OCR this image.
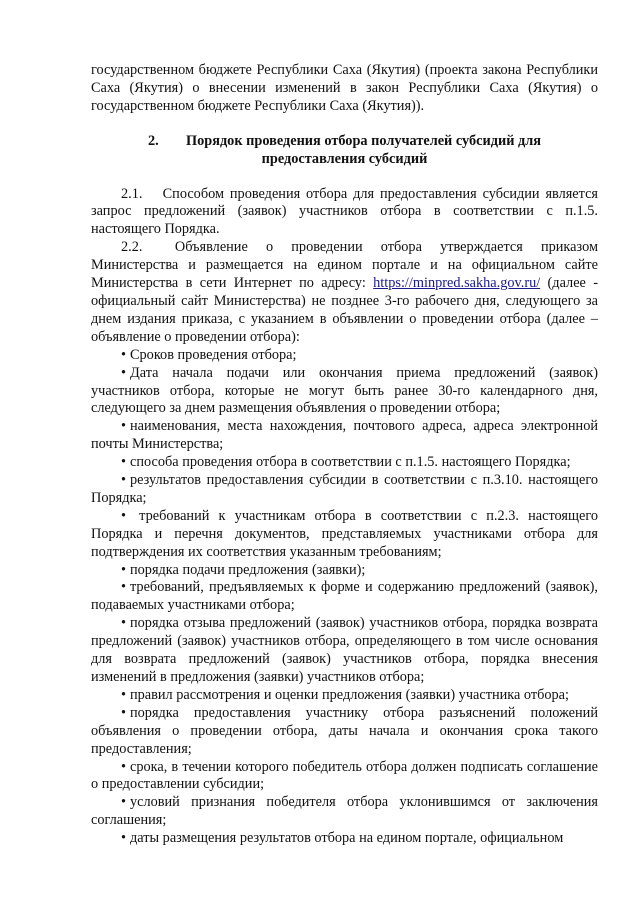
государственном бюджете Республики Саха (Якутия) (проекта закона Республики Саха (Якутия) о внесении изменений в закон Республики Саха (Якутия) о государственном бюджете Республики Саха (Якутия)).

2. Порядок проведения отбора получателей субсидий для предоставления субсидий

2.1.  Способом проведения отбора для предоставления субсидии является запрос предложений (заявок) участников отбора в соответствии с п.1.5. настоящего Порядка.

2.2.  Объявление о проведении отбора утверждается приказом Министерства и размещается на едином портале и на официальном сайте Министерства в сети Интернет по адресу: https://minpred.sakha.gov.ru/ (далее - официальный сайт Министерства) не позднее 3-го рабочего дня, следующего за днем издания приказа, с указанием в объявлении о проведении отбора (далее – объявление о проведении отбора):

• Сроков проведения отбора;

• Дата начала подачи или окончания приема предложений (заявок) участников отбора, которые не могут быть ранее 30-го календарного дня, следующего за днем размещения объявления о проведении отбора;

• наименования, места нахождения, почтового адреса, адреса электронной почты Министерства;

• способа проведения отбора в соответствии с п.1.5. настоящего Порядка;

• результатов предоставления субсидии в соответствии с п.3.10. настоящего Порядка;

• требований к участникам отбора в соответствии с п.2.3. настоящего Порядка и перечня документов, представляемых участниками отбора для подтверждения их соответствия указанным требованиям;

• порядка подачи предложения (заявки);

• требований, предъявляемых к форме и содержанию предложений (заявок), подаваемых участниками отбора;

• порядка отзыва предложений (заявок) участников отбора, порядка возврата предложений (заявок) участников отбора, определяющего в том числе основания для возврата предложений (заявок) участников отбора, порядка внесения изменений в предложения (заявки) участников отбора;

• правил рассмотрения и оценки предложения (заявки) участника отбора;

• порядка предоставления участнику отбора разъяснений положений объявления о проведении отбора, даты начала и окончания срока такого предоставления;

• срока, в течении которого победитель отбора должен подписать соглашение о предоставлении субсидии;

• условий признания победителя отбора уклонившимся от заключения соглашения;

• даты размещения результатов отбора на едином портале, официальном
